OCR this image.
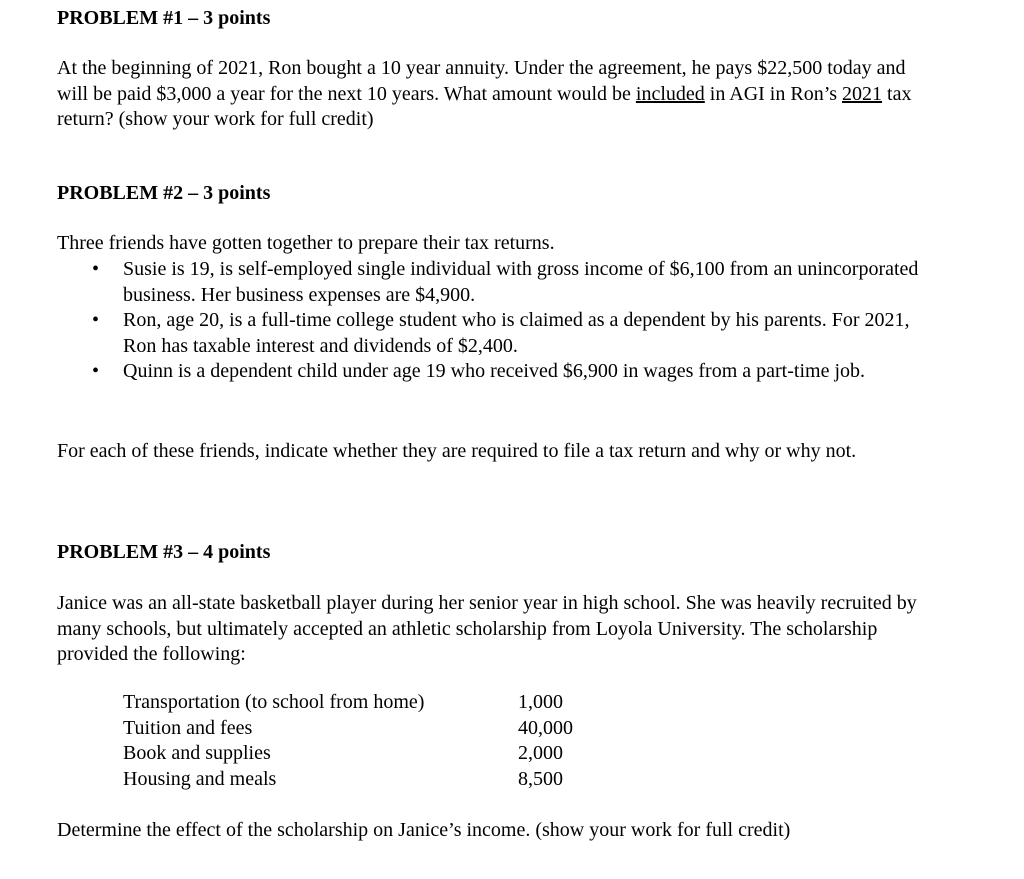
PROBLEM #1 – 3 points

At the beginning of 2021, Ron bought a 10 year annuity. Under the agreement, he pays $22,500 today and will be paid $3,000 a year for the next 10 years. What amount would be included in AGI in Ron’s 2021 tax return? (show your work for full credit)

PROBLEM #2 – 3 points

Three friends have gotten together to prepare their tax returns.

• Susie is 19, is self-employed single individual with gross income of $6,100 from an unincorporated business. Her business expenses are $4,900.
• Ron, age 20, is a full-time college student who is claimed as a dependent by his parents. For 2021, Ron has taxable interest and dividends of $2,400.
• Quinn is a dependent child under age 19 who received $6,900 in wages from a part-time job.

For each of these friends, indicate whether they are required to file a tax return and why or why not.

PROBLEM #3 – 4 points

Janice was an all-state basketball player during her senior year in high school. She was heavily recruited by many schools, but ultimately accepted an athletic scholarship from Loyola University. The scholarship provided the following:

Transportation (to school from home)	1,000
Tuition and fees	40,000
Book and supplies	2,000
Housing and meals	8,500

Determine the effect of the scholarship on Janice’s income. (show your work for full credit)
